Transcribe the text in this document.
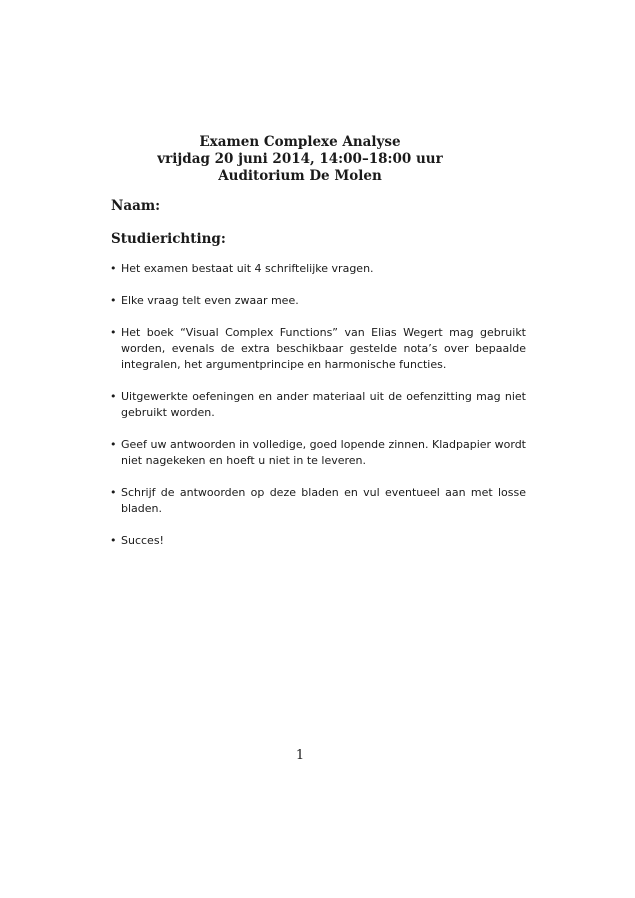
Examen Complexe Analyse
vrijdag 20 juni 2014, 14:00–18:00 uur
Auditorium De Molen
Naam:
Studierichting:
• Het examen bestaat uit 4 schriftelijke vragen.
• Elke vraag telt even zwaar mee.
• Het boek “Visual Complex Functions” van Elias Wegert mag gebruikt worden, evenals de extra beschikbaar gestelde nota’s over bepaalde integralen, het argumentprincipe en harmonische functies.
• Uitgewerkte oefeningen en ander materiaal uit de oefenzitting mag niet gebruikt worden.
• Geef uw antwoorden in volledige, goed lopende zinnen. Kladpapier wordt niet nagekeken en hoeft u niet in te leveren.
• Schrijf de antwoorden op deze bladen en vul eventueel aan met losse bladen.
• Succes!
1
